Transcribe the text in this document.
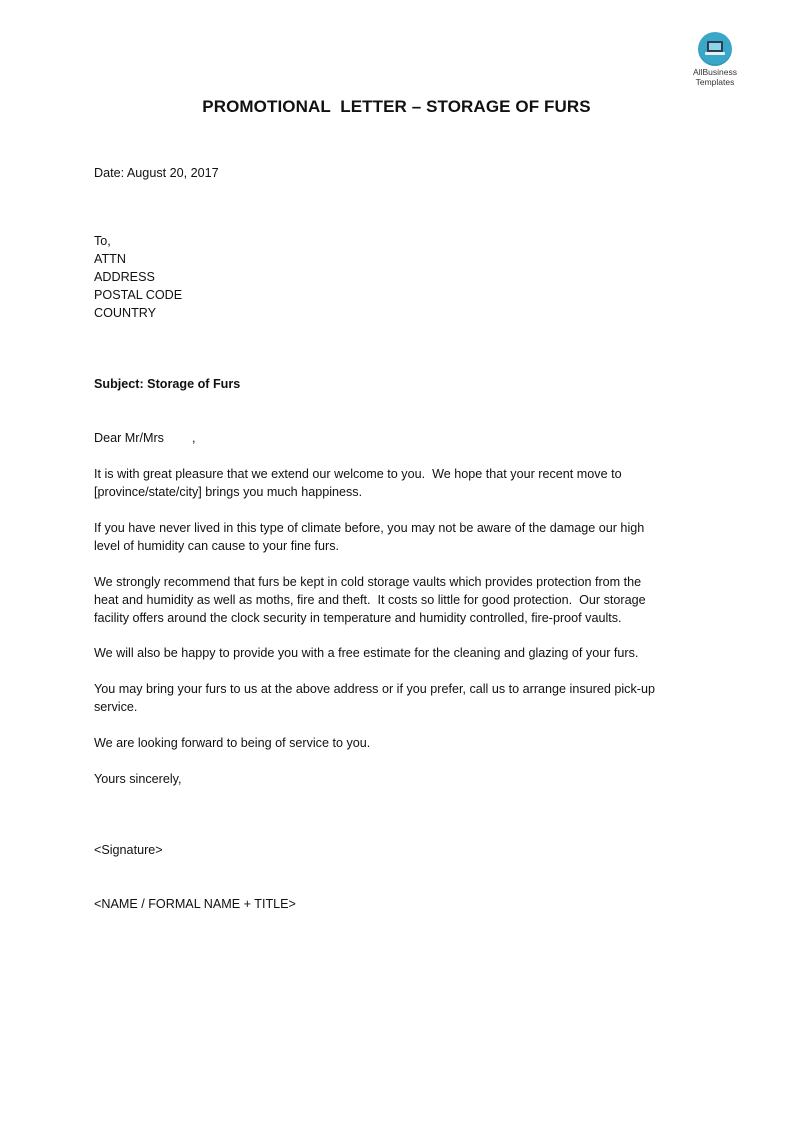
AllBusiness
Templates
PROMOTIONAL  LETTER – STORAGE OF FURS
Date: August 20, 2017
To,
ATTN
ADDRESS
POSTAL CODE
COUNTRY
Subject: Storage of Furs
Dear Mr/Mrs        ,
It is with great pleasure that we extend our welcome to you.  We hope that your recent move to
[province/state/city] brings you much happiness.
If you have never lived in this type of climate before, you may not be aware of the damage our high
level of humidity can cause to your fine furs.
We strongly recommend that furs be kept in cold storage vaults which provides protection from the
heat and humidity as well as moths, fire and theft.  It costs so little for good protection.  Our storage
facility offers around the clock security in temperature and humidity controlled, fire-proof vaults.
We will also be happy to provide you with a free estimate for the cleaning and glazing of your furs.
You may bring your furs to us at the above address or if you prefer, call us to arrange insured pick-up
service.
We are looking forward to being of service to you.
Yours sincerely,
<Signature>
<NAME / FORMAL NAME + TITLE>
